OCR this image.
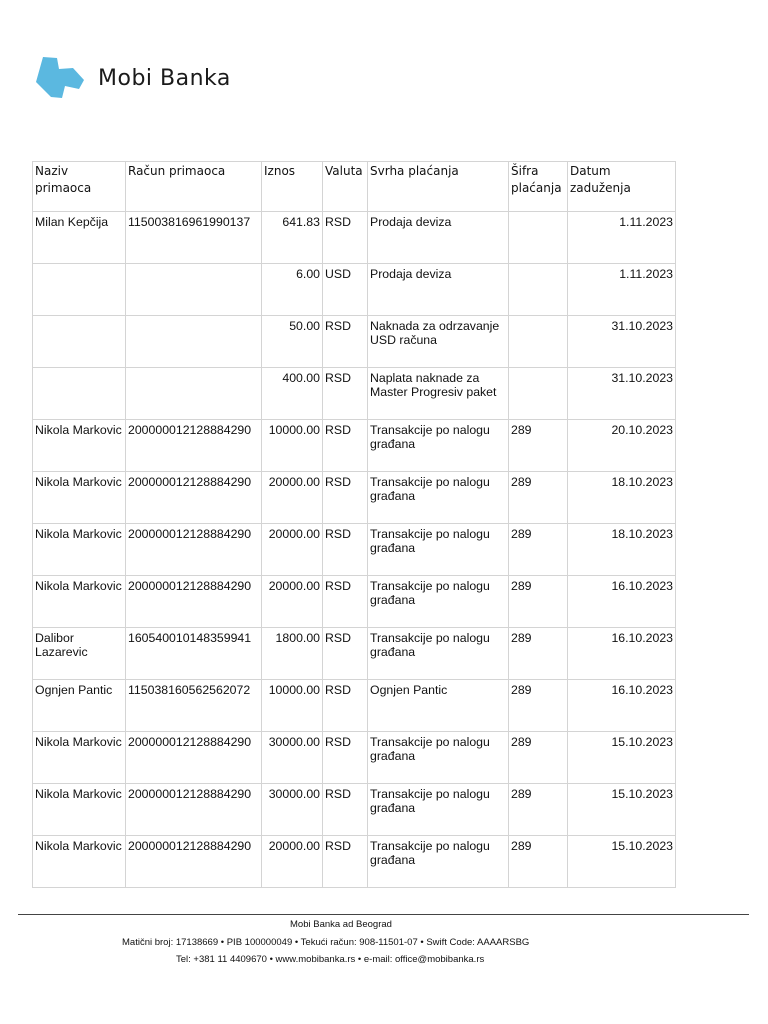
Mobi Banka
Naziv primaoca	Račun primaoca	Iznos	Valuta	Svrha plaćanja	Šifra plaćanja	Datum zaduženja
Milan Kepčija	115003816961990137	641.83	RSD	Prodaja deviza		1.11.2023
		6.00	USD	Prodaja deviza		1.11.2023
		50.00	RSD	Naknada za odrzavanje USD računa		31.10.2023
		400.00	RSD	Naplata naknade za Master Progresiv paket		31.10.2023
Nikola Markovic	200000012128884290	10000.00	RSD	Transakcije po nalogu građana	289	20.10.2023
Nikola Markovic	200000012128884290	20000.00	RSD	Transakcije po nalogu građana	289	18.10.2023
Nikola Markovic	200000012128884290	20000.00	RSD	Transakcije po nalogu građana	289	18.10.2023
Nikola Markovic	200000012128884290	20000.00	RSD	Transakcije po nalogu građana	289	16.10.2023
Dalibor Lazarevic	160540010148359941	1800.00	RSD	Transakcije po nalogu građana	289	16.10.2023
Ognjen Pantic	115038160562562072	10000.00	RSD	Ognjen Pantic	289	16.10.2023
Nikola Markovic	200000012128884290	30000.00	RSD	Transakcije po nalogu građana	289	15.10.2023
Nikola Markovic	200000012128884290	30000.00	RSD	Transakcije po nalogu građana	289	15.10.2023
Nikola Markovic	200000012128884290	20000.00	RSD	Transakcije po nalogu građana	289	15.10.2023
Mobi Banka ad Beograd
Matični broj: 17138669 • PIB 100000049 • Tekući račun: 908-11501-07 • Swift Code: AAAARSBG
Tel: +381 11 4409670 • www.mobibanka.rs • e-mail: office@mobibanka.rs
